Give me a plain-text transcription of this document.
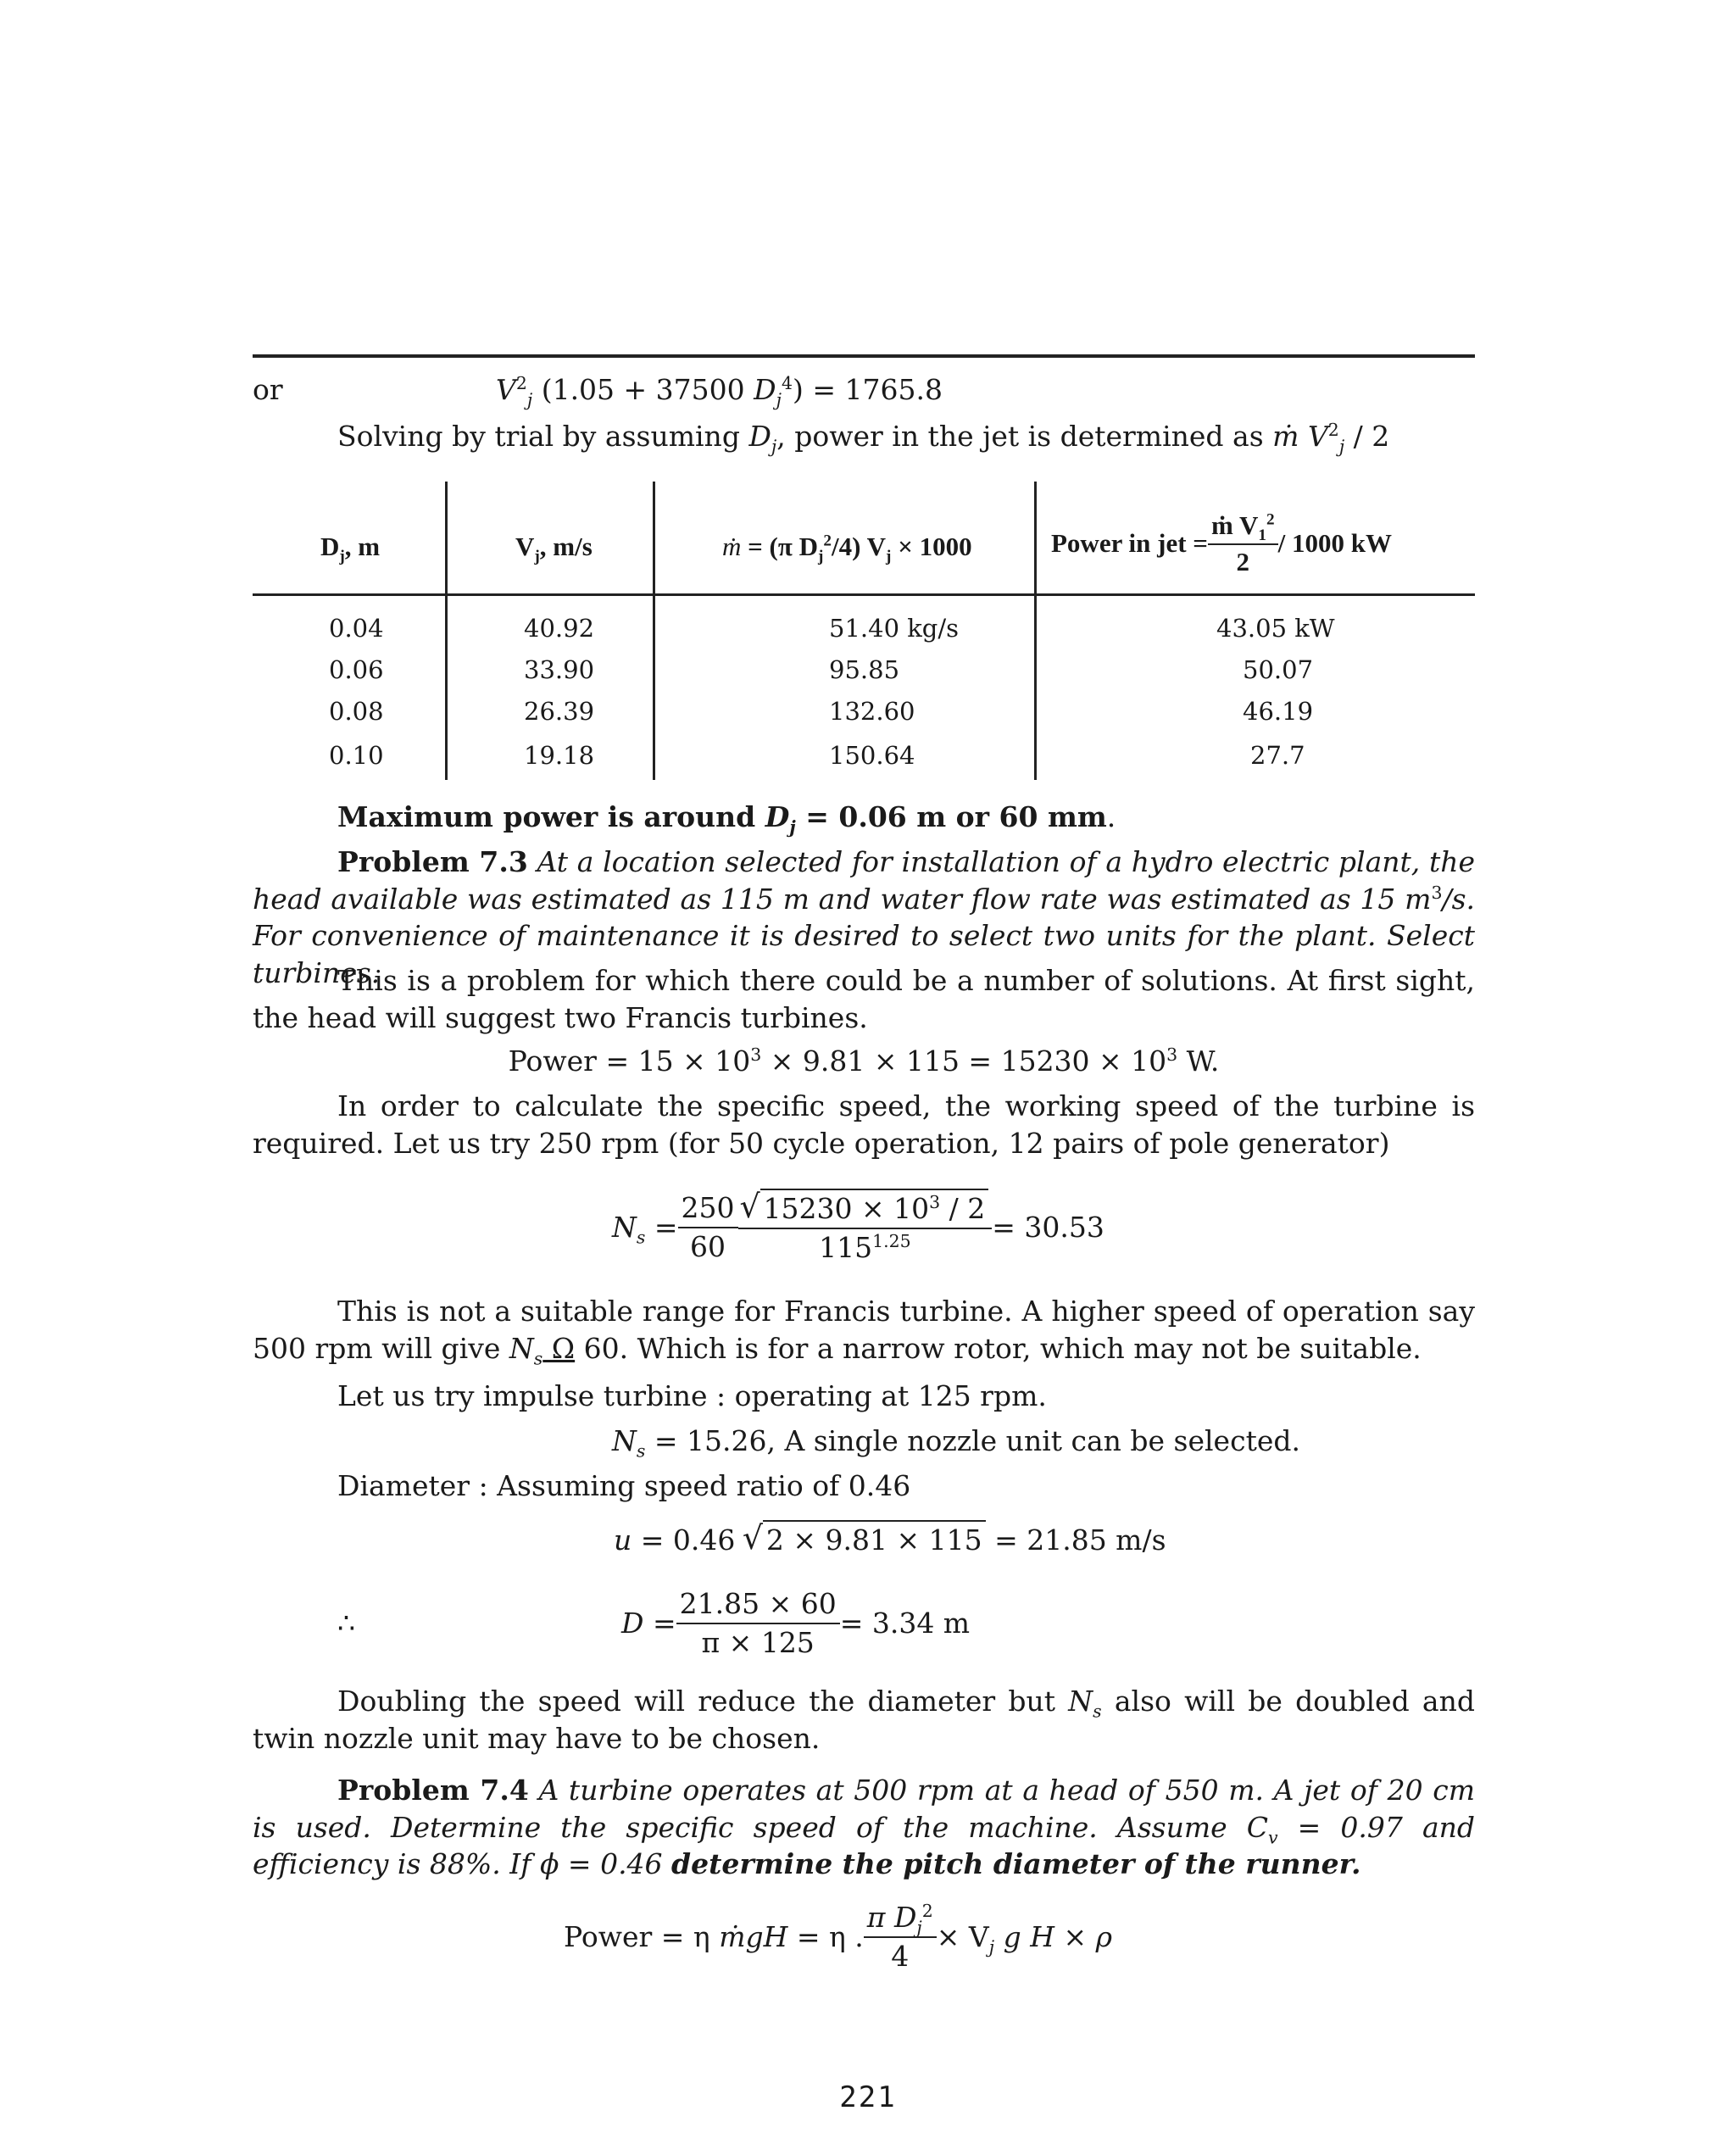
or	$V^2_j$ (1.05 + 37500 $D_j^4) = 1765.8$
Solving by trial by assuming $D_j$, power in the jet is determined as ṁ $V^2_j / 2$
$D_j$, m	$V_j$, m/s	ṁ = (π $D_j^2/4$) $V_j \times 1000$	Power in jet = $\frac{ṁ V_1^2}{2} / 1000$ kW
0.04	40.92	51.40 kg/s	43.05 kW
0.06	33.90	95.85	50.07
0.08	26.39	132.60	46.19
0.10	19.18	150.64	27.7
Maximum power is around $D_j = 0.06$ m or 60 mm.
Problem 7.3 At a location selected for installation of a hydro electric plant, the head available was estimated as 115 m and water flow rate was estimated as 15 $m^3/s$. For convenience of maintenance it is desired to select two units for the plant. Select turbines.
This is a problem for which there could be a number of solutions. At first sight, the head will suggest two Francis turbines.
Power = $15 \times 10^3 \times 9.81 \times 115 = 15230 \times 10^3$ W.
In order to calculate the specific speed, the working speed of the turbine is required. Let us try 250 rpm (for 50 cycle operation, 12 pairs of pole generator)
$N_s = \frac{250}{60}$
√ $\frac{15230 \times 10^3 / 2}{115^{1.25}} = 30.53$
This is not a suitable range for Francis turbine. A higher speed of operation say 500 rpm will give $N_s$ Ω 60. Which is for a narrow rotor, which may not be suitable.
Let us try impulse turbine : operating at 125 rpm.
$N_s = 15.26$, A single nozzle unit can be selected.
Diameter : Assuming speed ratio of 0.46
u = 0.46 √ 2 × 9.81 × 115 = 21.85 m/s
∴	$D = \frac{21.85 \times 60}{\pi \times 125} = 3.34$ m
Doubling the speed will reduce the diameter but $N_s$ also will be doubled and twin nozzle unit may have to be chosen.
Problem 7.4 A turbine operates at 500 rpm at a head of 550 m. A jet of 20 cm is used. Determine the specific speed of the machine. Assume $C_v = 0.97$ and efficiency is 88%. If ϕ = 0.46 determine the pitch diameter of the runner.
Power = η ṁgH = η . $\frac{\pi D_j^2}{4} \times V_j$ g H × ρ
221
